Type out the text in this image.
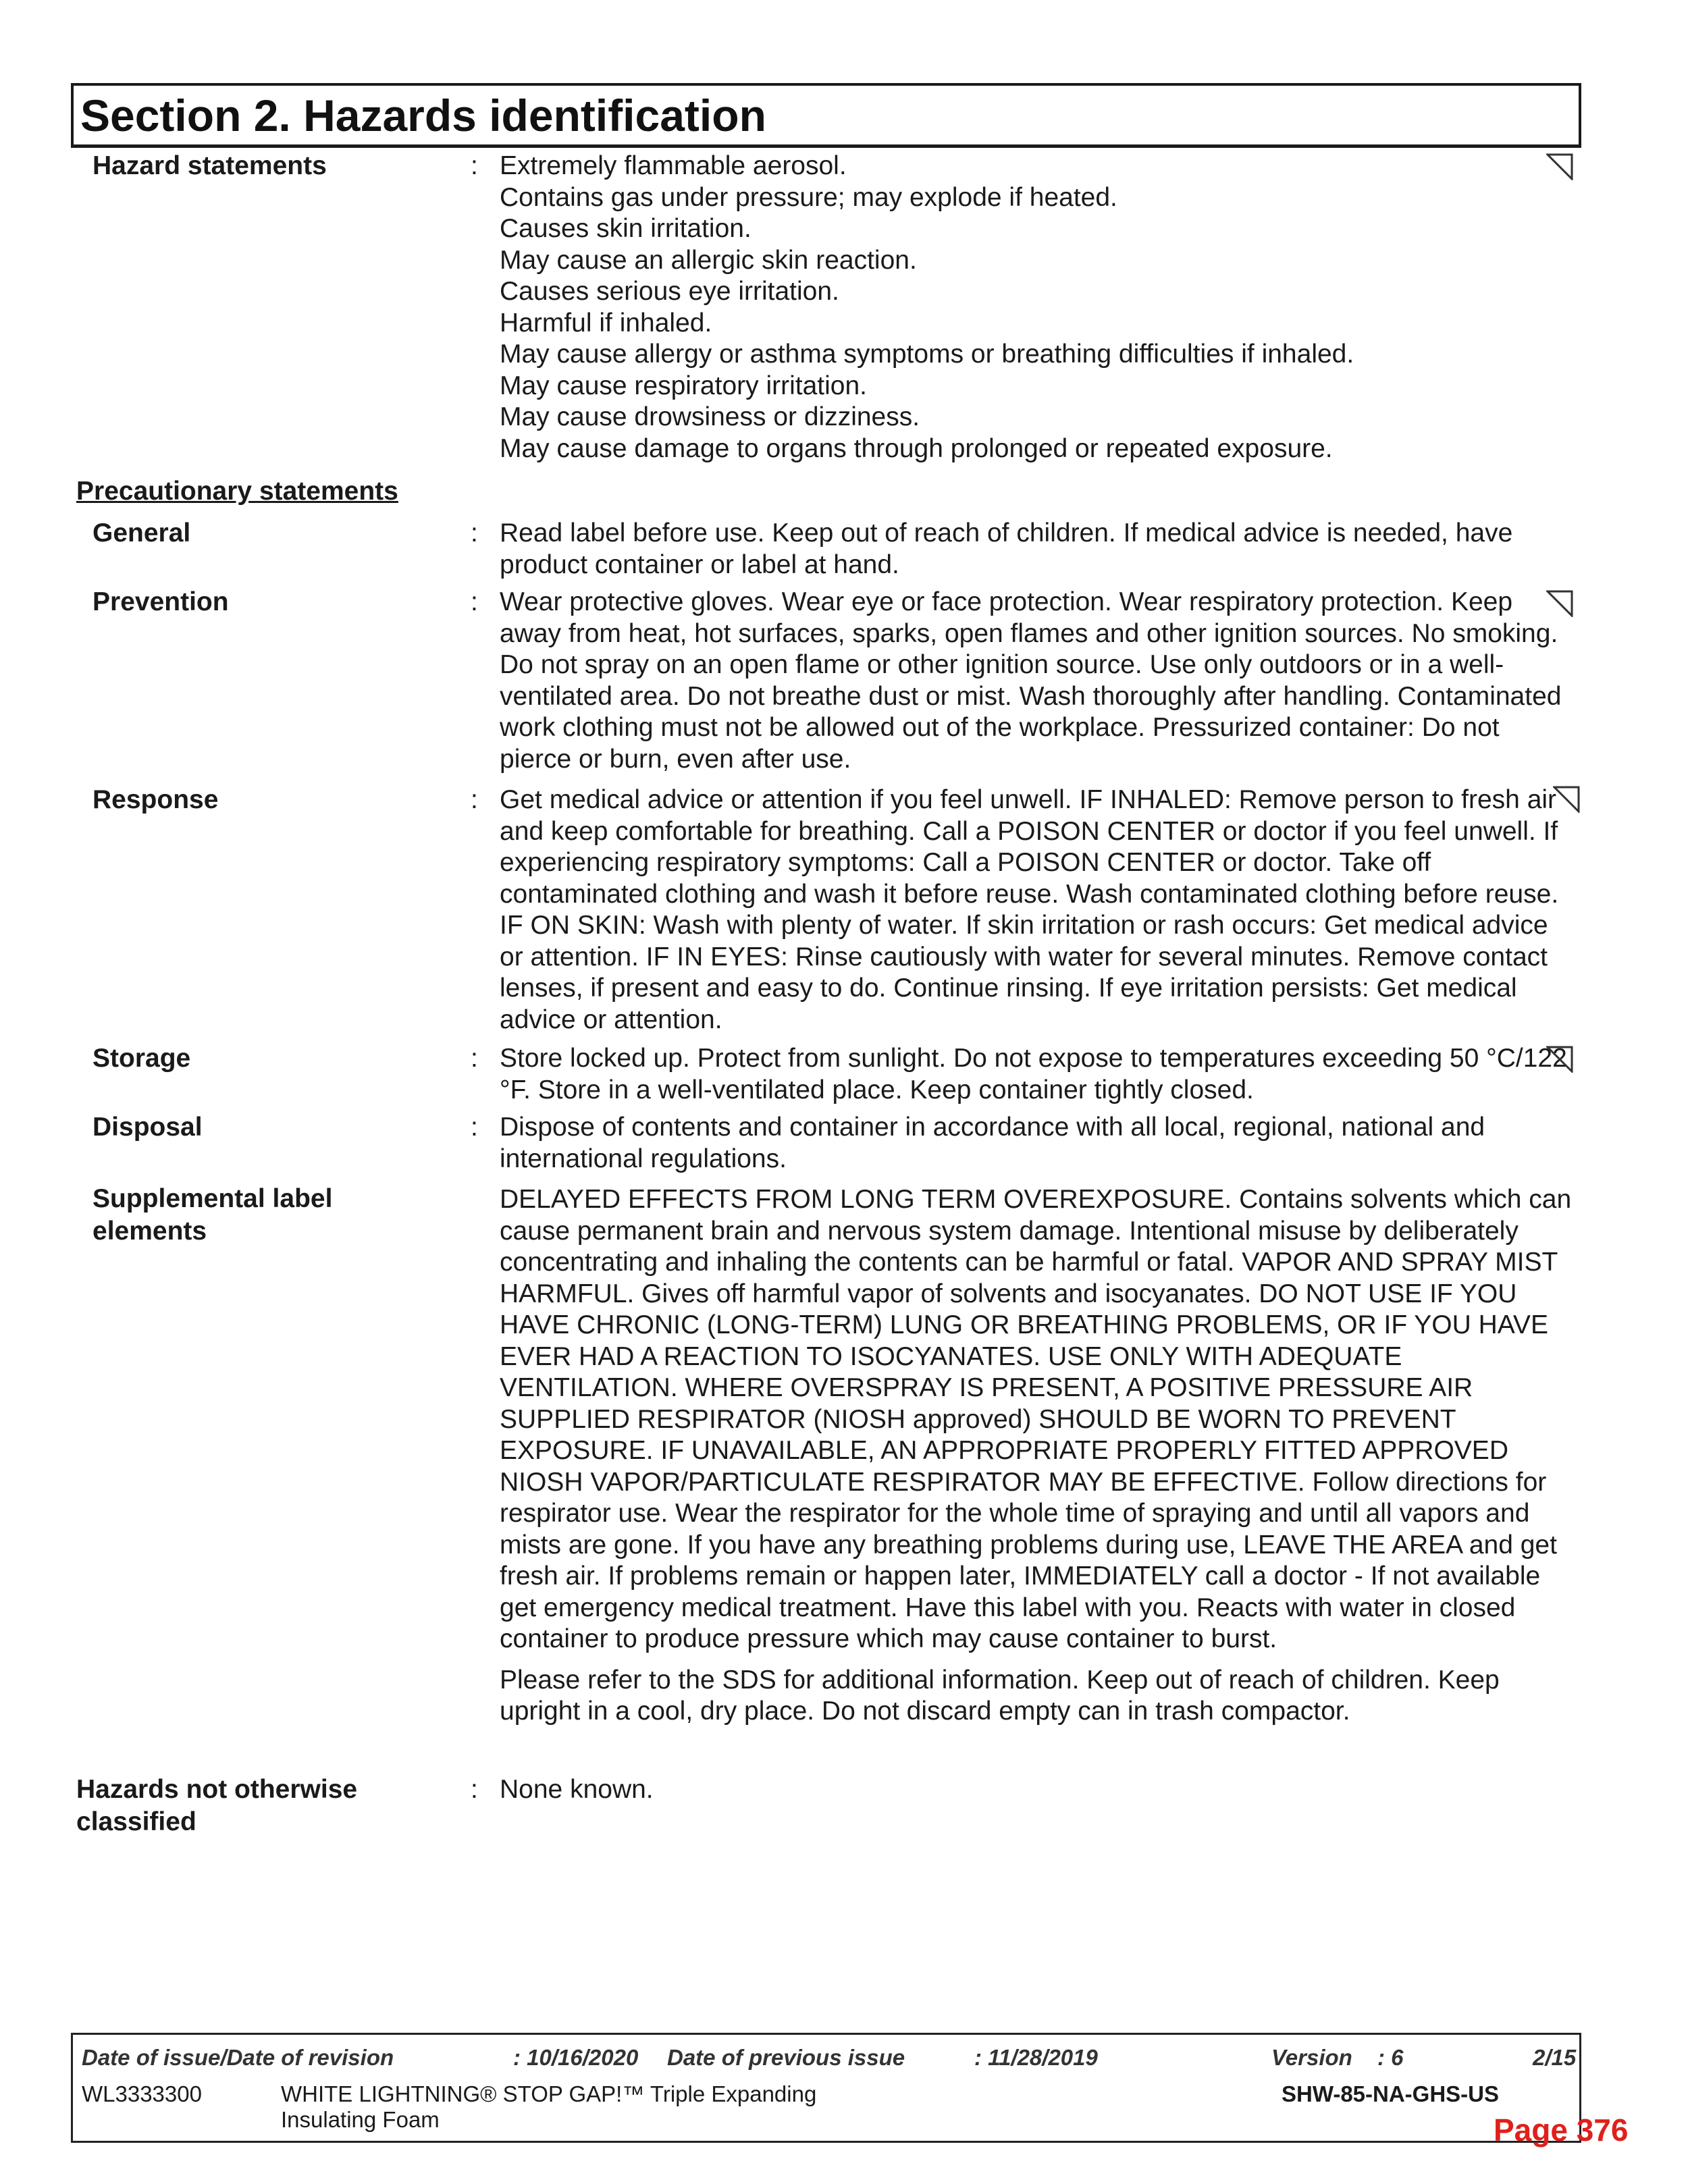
Section 2. Hazards identification
Hazard statements	: Extremely flammable aerosol.
Contains gas under pressure; may explode if heated.
Causes skin irritation.
May cause an allergic skin reaction.
Causes serious eye irritation.
Harmful if inhaled.
May cause allergy or asthma symptoms or breathing difficulties if inhaled.
May cause respiratory irritation.
May cause drowsiness or dizziness.
May cause damage to organs through prolonged or repeated exposure.
Precautionary statements
General	: Read label before use. Keep out of reach of children. If medical advice is needed, have product container or label at hand.
Prevention	: Wear protective gloves. Wear eye or face protection. Wear respiratory protection. Keep away from heat, hot surfaces, sparks, open flames and other ignition sources. No smoking. Do not spray on an open flame or other ignition source. Use only outdoors or in a well-ventilated area. Do not breathe dust or mist. Wash thoroughly after handling. Contaminated work clothing must not be allowed out of the workplace. Pressurized container: Do not pierce or burn, even after use.
Response	: Get medical advice or attention if you feel unwell. IF INHALED: Remove person to fresh air and keep comfortable for breathing. Call a POISON CENTER or doctor if you feel unwell. If experiencing respiratory symptoms: Call a POISON CENTER or doctor. Take off contaminated clothing and wash it before reuse. Wash contaminated clothing before reuse. IF ON SKIN: Wash with plenty of water. If skin irritation or rash occurs: Get medical advice or attention. IF IN EYES: Rinse cautiously with water for several minutes. Remove contact lenses, if present and easy to do. Continue rinsing. If eye irritation persists: Get medical advice or attention.
Storage	: Store locked up. Protect from sunlight. Do not expose to temperatures exceeding 50 °C/122 °F. Store in a well-ventilated place. Keep container tightly closed.
Disposal	: Dispose of contents and container in accordance with all local, regional, national and international regulations.
Supplemental label elements
DELAYED EFFECTS FROM LONG TERM OVEREXPOSURE. Contains solvents which can cause permanent brain and nervous system damage. Intentional misuse by deliberately concentrating and inhaling the contents can be harmful or fatal. VAPOR AND SPRAY MIST HARMFUL. Gives off harmful vapor of solvents and isocyanates. DO NOT USE IF YOU HAVE CHRONIC (LONG-TERM) LUNG OR BREATHING PROBLEMS, OR IF YOU HAVE EVER HAD A REACTION TO ISOCYANATES. USE ONLY WITH ADEQUATE VENTILATION. WHERE OVERSPRAY IS PRESENT, A POSITIVE PRESSURE AIR SUPPLIED RESPIRATOR (NIOSH approved) SHOULD BE WORN TO PREVENT EXPOSURE. IF UNAVAILABLE, AN APPROPRIATE PROPERLY FITTED APPROVED NIOSH VAPOR/PARTICULATE RESPIRATOR MAY BE EFFECTIVE. Follow directions for respirator use. Wear the respirator for the whole time of spraying and until all vapors and mists are gone. If you have any breathing problems during use, LEAVE THE AREA and get fresh air. If problems remain or happen later, IMMEDIATELY call a doctor - If not available get emergency medical treatment. Have this label with you. Reacts with water in closed container to produce pressure which may cause container to burst.
Please refer to the SDS for additional information. Keep out of reach of children. Keep upright in a cool, dry place. Do not discard empty can in trash compactor.
Hazards not otherwise classified
: None known.
Date of issue/Date of revision	: 10/16/2020 Date of previous issue	: 11/28/2019	Version : 6	2/15
WL3333300	WHITE LIGHTNING® STOP GAP!™ Triple Expanding
Insulating Foam
SHW-85-NA-GHS-US
Page 376
